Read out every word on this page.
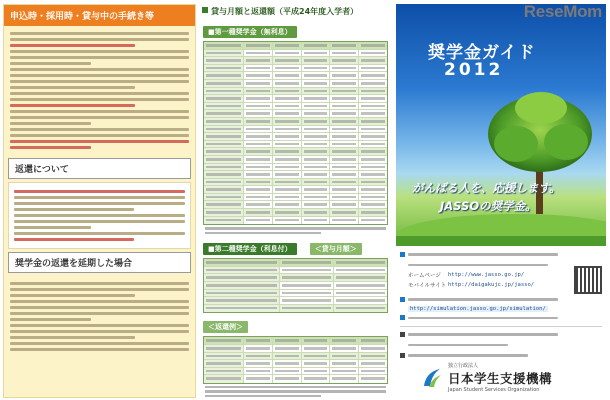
ReseMom
申込時・採用時・貸与中の手続き等
返還について
奨学金の返還を延期した場合
貸与月額と返還額（平成24年度入学者）
■第一種奨学金（無利息）
■第二種奨学金（利息付）	＜貸与月額＞
＜返還例＞
奨学金ガイド
2012
がんばる人を、応援します。
JASSOの奨学金。
ホームページ	http://www.jasso.go.jp/
モバイルサイト http://daigakujc.jp/jasso/
http://simulation.jasso.go.jp/simulation/
独立行政法人
日本学生支援機構
Japan Student Services Organization
